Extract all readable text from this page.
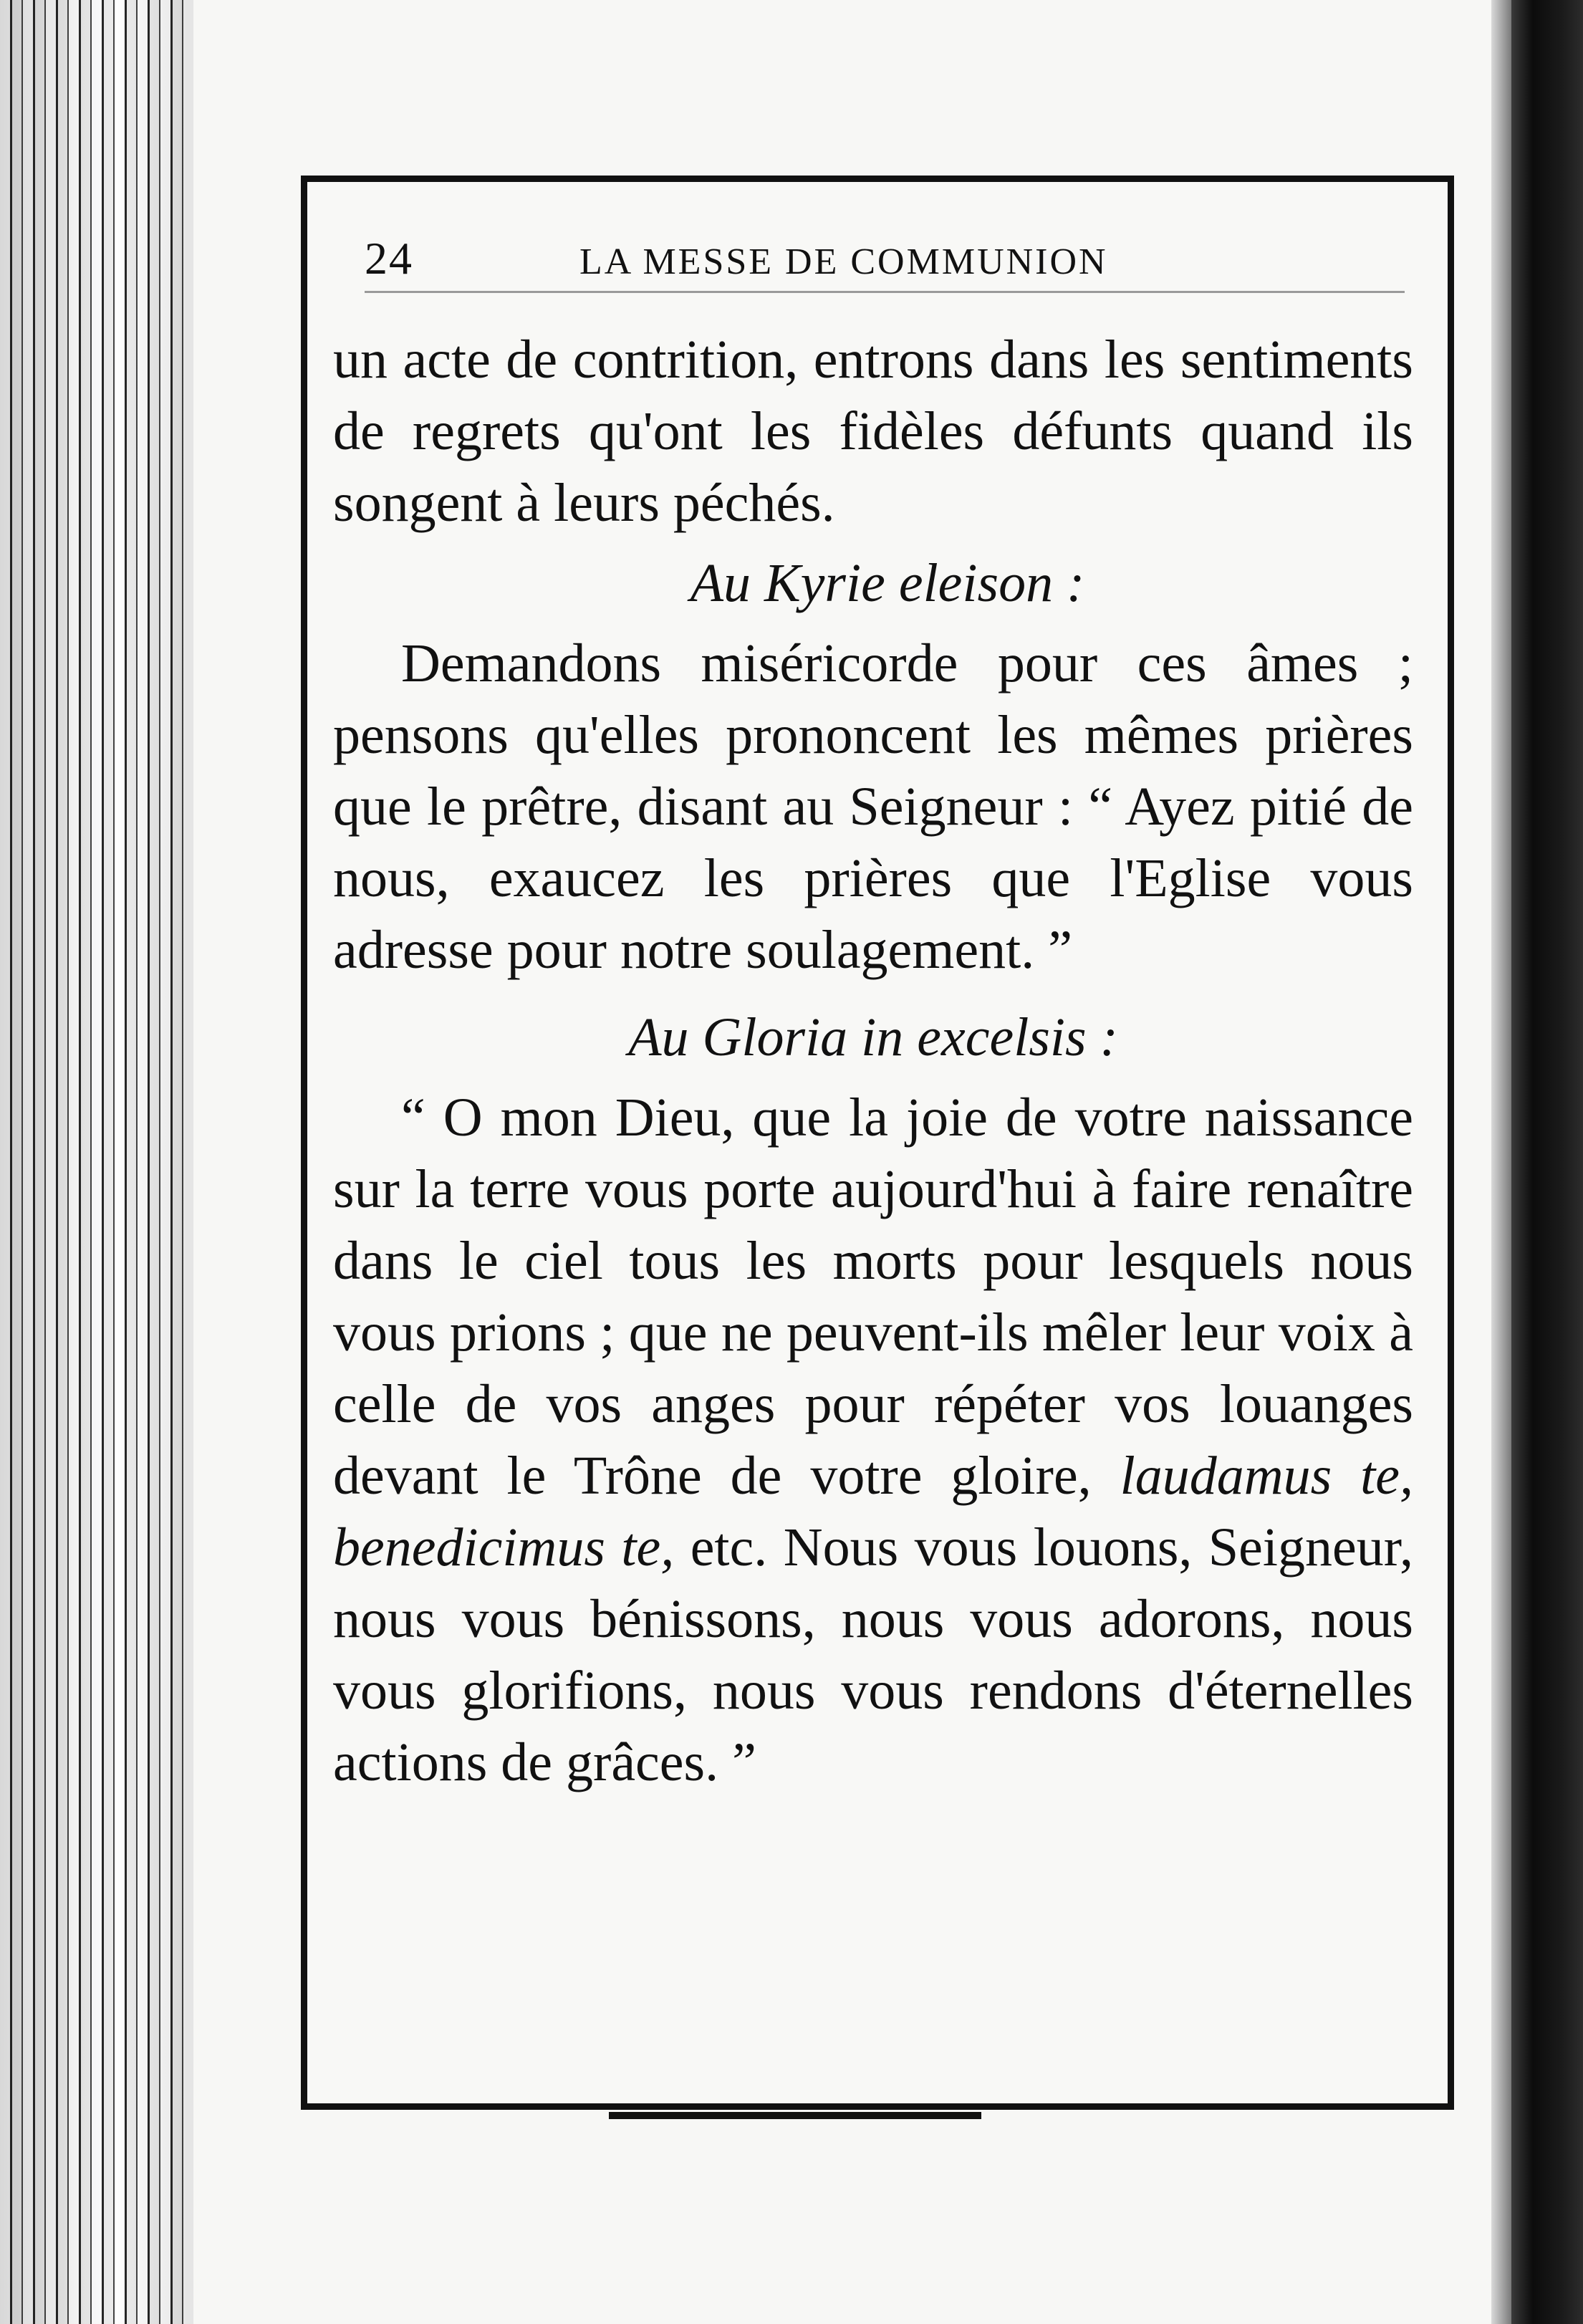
24	LA MESSE DE COMMUNION

un acte de contrition, entrons dans les sentiments de regrets qu'ont les fidèles défunts quand ils songent à leurs péchés.

Au Kyrie eleison :

Demandons miséricorde pour ces âmes ; pensons qu'elles prononcent les mêmes prières que le prêtre, disant au Seigneur : “ Ayez pitié de nous, exaucez les prières que l'Eglise vous adresse pour notre soulagement. ”

Au Gloria in excelsis :

“ O mon Dieu, que la joie de votre naissance sur la terre vous porte aujourd'hui à faire renaître dans le ciel tous les morts pour lesquels nous vous prions ; que ne peuvent-ils mêler leur voix à celle de vos anges pour répéter vos louanges devant le Trône de votre gloire, laudamus te, benedicimus te, etc. Nous vous louons, Seigneur, nous vous bénissons, nous vous adorons, nous vous glorifions, nous vous rendons d'éternelles actions de grâces. ”
